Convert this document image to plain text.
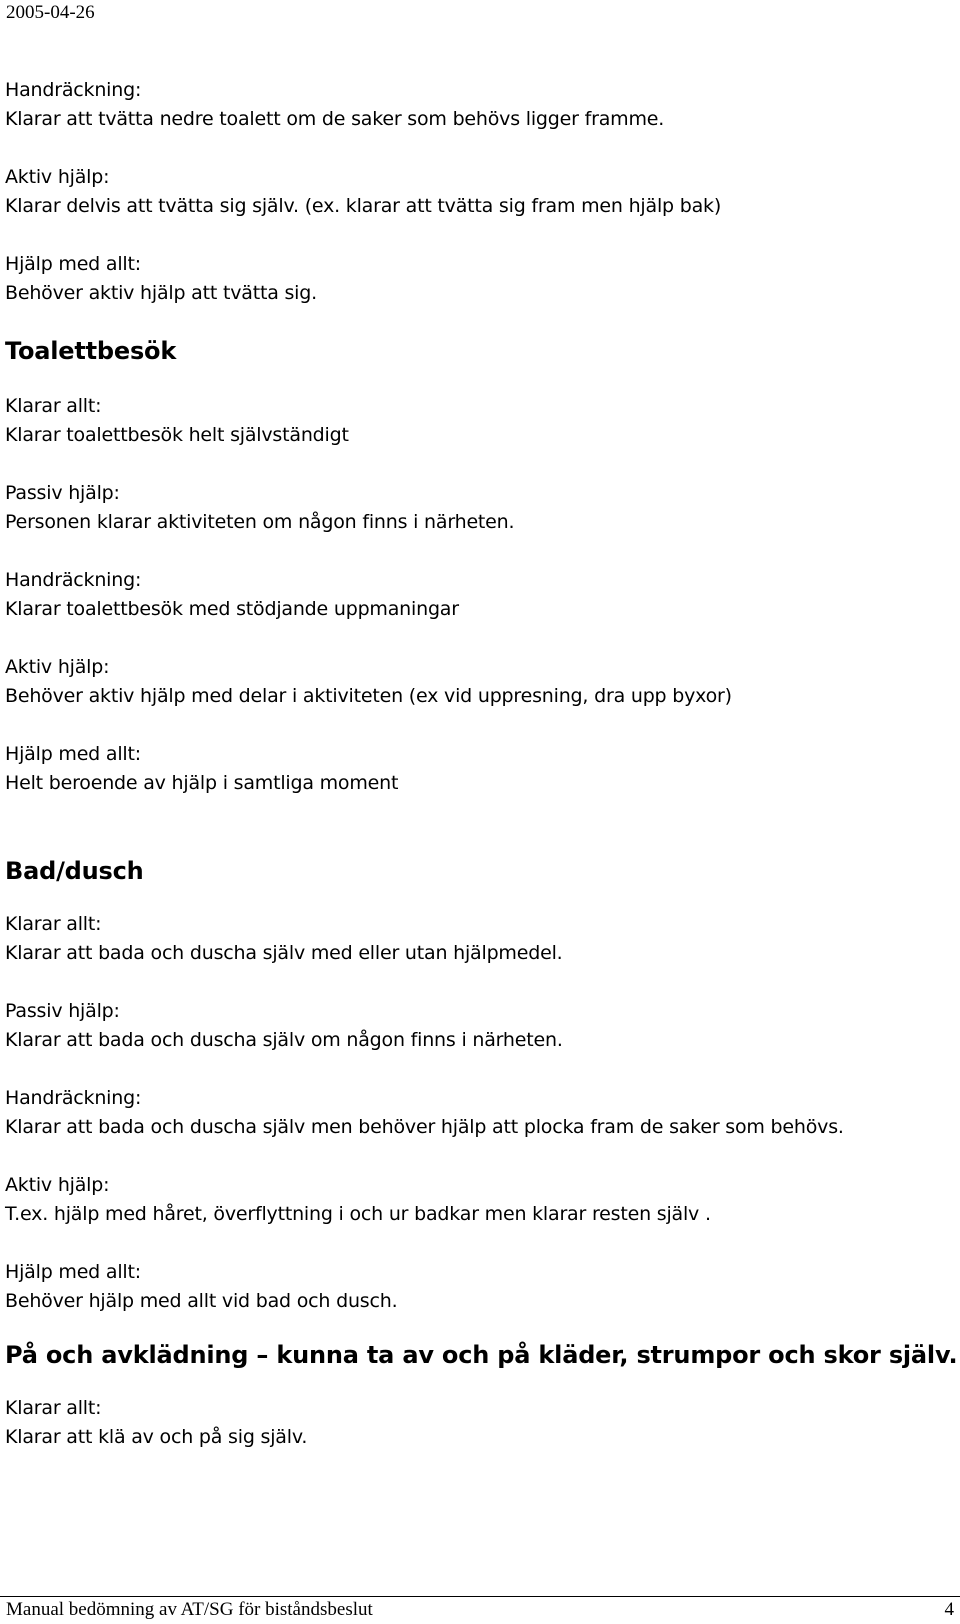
2005-04-26

Handräckning:

Klarar att tvätta nedre toalett om de saker som behövs ligger framme.

Aktiv hjälp:

Klarar delvis att tvätta sig själv. (ex. klarar att tvätta sig fram men hjälp bak)

Hjälp med allt:

Behöver aktiv hjälp att tvätta sig.

Toalettbesök

Klarar allt:

Klarar toalettbesök helt självständigt

Passiv hjälp:

Personen klarar aktiviteten om någon finns i närheten.

Handräckning:

Klarar toalettbesök med stödjande uppmaningar

Aktiv hjälp:

Behöver aktiv hjälp med delar i aktiviteten (ex vid uppresning, dra upp byxor)

Hjälp med allt:

Helt beroende av hjälp i samtliga moment

Bad/dusch

Klarar allt:

Klarar att bada och duscha själv med eller utan hjälpmedel.

Passiv hjälp:

Klarar att bada och duscha själv om någon finns i närheten.

Handräckning:

Klarar att bada och duscha själv men behöver hjälp att plocka fram de saker som behövs.

Aktiv hjälp:

T.ex. hjälp med håret, överflyttning i och ur badkar men klarar resten själv .

Hjälp med allt:

Behöver hjälp med allt vid bad och dusch.

På och avklädning – kunna ta av och på kläder, strumpor och skor själv.

Klarar allt:

Klarar att klä av och på sig själv.

Manual bedömning av AT/SG för biståndsbeslut	4
